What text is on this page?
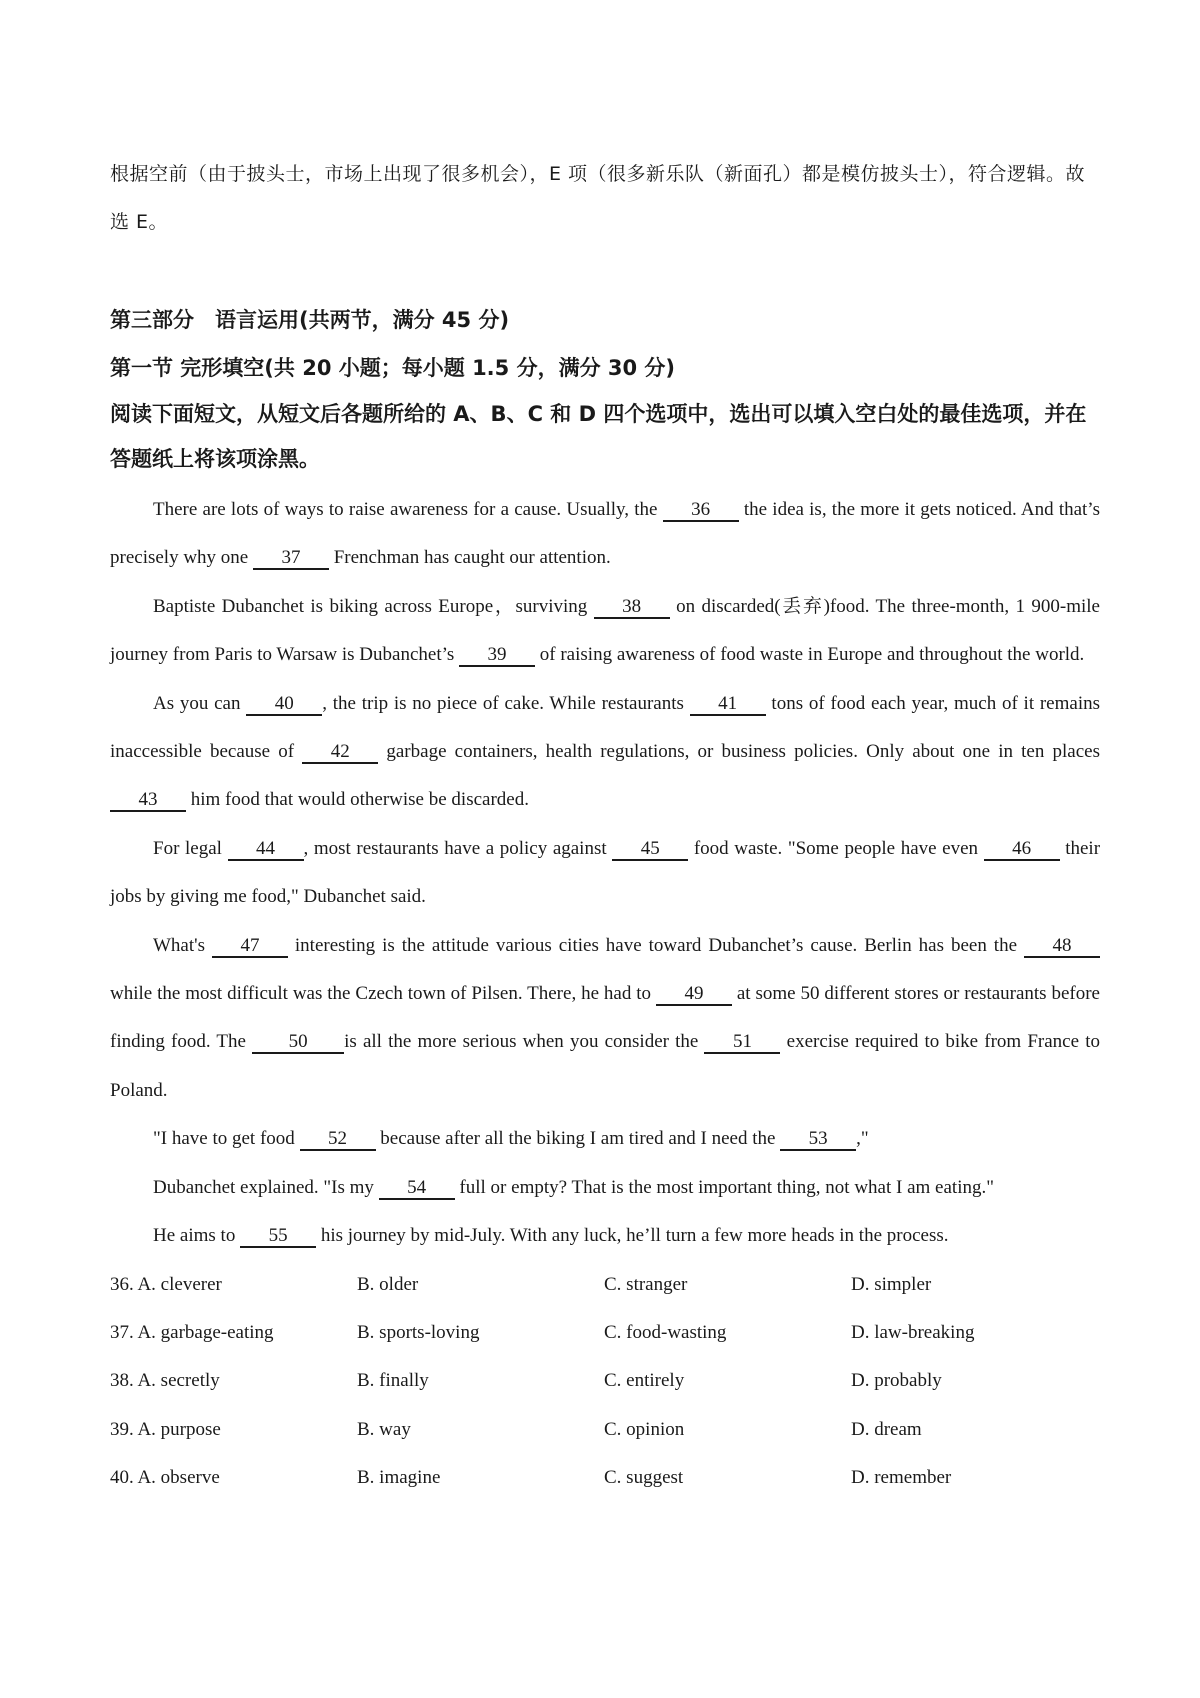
根据空前（由于披头士，市场上出现了很多机会），E 项（很多新乐队（新面孔）都是模仿披头士），符合逻辑。故选 E。

第三部分　语言运用(共两节，满分 45 分)

第一节 完形填空(共 20 小题；每小题 1.5 分，满分 30 分)

阅读下面短文，从短文后各题所给的 A、B、C 和 D 四个选项中，选出可以填入空白处的最佳选项，并在答题纸上将该项涂黑。

There are lots of ways to raise awareness for a cause. Usually, the 36 the idea is, the more it gets noticed. And that’s precisely why one 37 Frenchman has caught our attention.

Baptiste Dubanchet is biking across Europe，surviving 38 on discarded(丢弃)food. The three-month, 1 900-mile journey from Paris to Warsaw is Dubanchet’s 39 of raising awareness of food waste in Europe and throughout the world.

As you can 40 , the trip is no piece of cake. While restaurants 41 tons of food each year, much of it remains inaccessible because of 42 garbage containers, health regulations, or business policies. Only about one in ten places 43 him food that would otherwise be discarded.

For legal 44 , most restaurants have a policy against 45 food waste. "Some people have even 46 their jobs by giving me food," Dubanchet said.

What's 47 interesting is the attitude various cities have toward Dubanchet’s cause. Berlin has been the 48 while the most difficult was the Czech town of Pilsen. There, he had to 49 at some 50 different stores or restaurants before finding food. The 50 is all the more serious when you consider the 51 exercise required to bike from France to Poland.

"I have to get food 52 because after all the biking I am tired and I need the 53 ,"

Dubanchet explained. "Is my 54 full or empty? That is the most important thing, not what I am eating."

He aims to 55 his journey by mid-July. With any luck, he’ll turn a few more heads in the process.

36. A. cleverer	B. older	C. stranger	D. simpler
37. A. garbage-eating	B. sports-loving	C. food-wasting	D. law-breaking
38. A. secretly	B. finally	C. entirely	D. probably
39. A. purpose	B. way	C. opinion	D. dream
40. A. observe	B. imagine	C. suggest	D. remember
